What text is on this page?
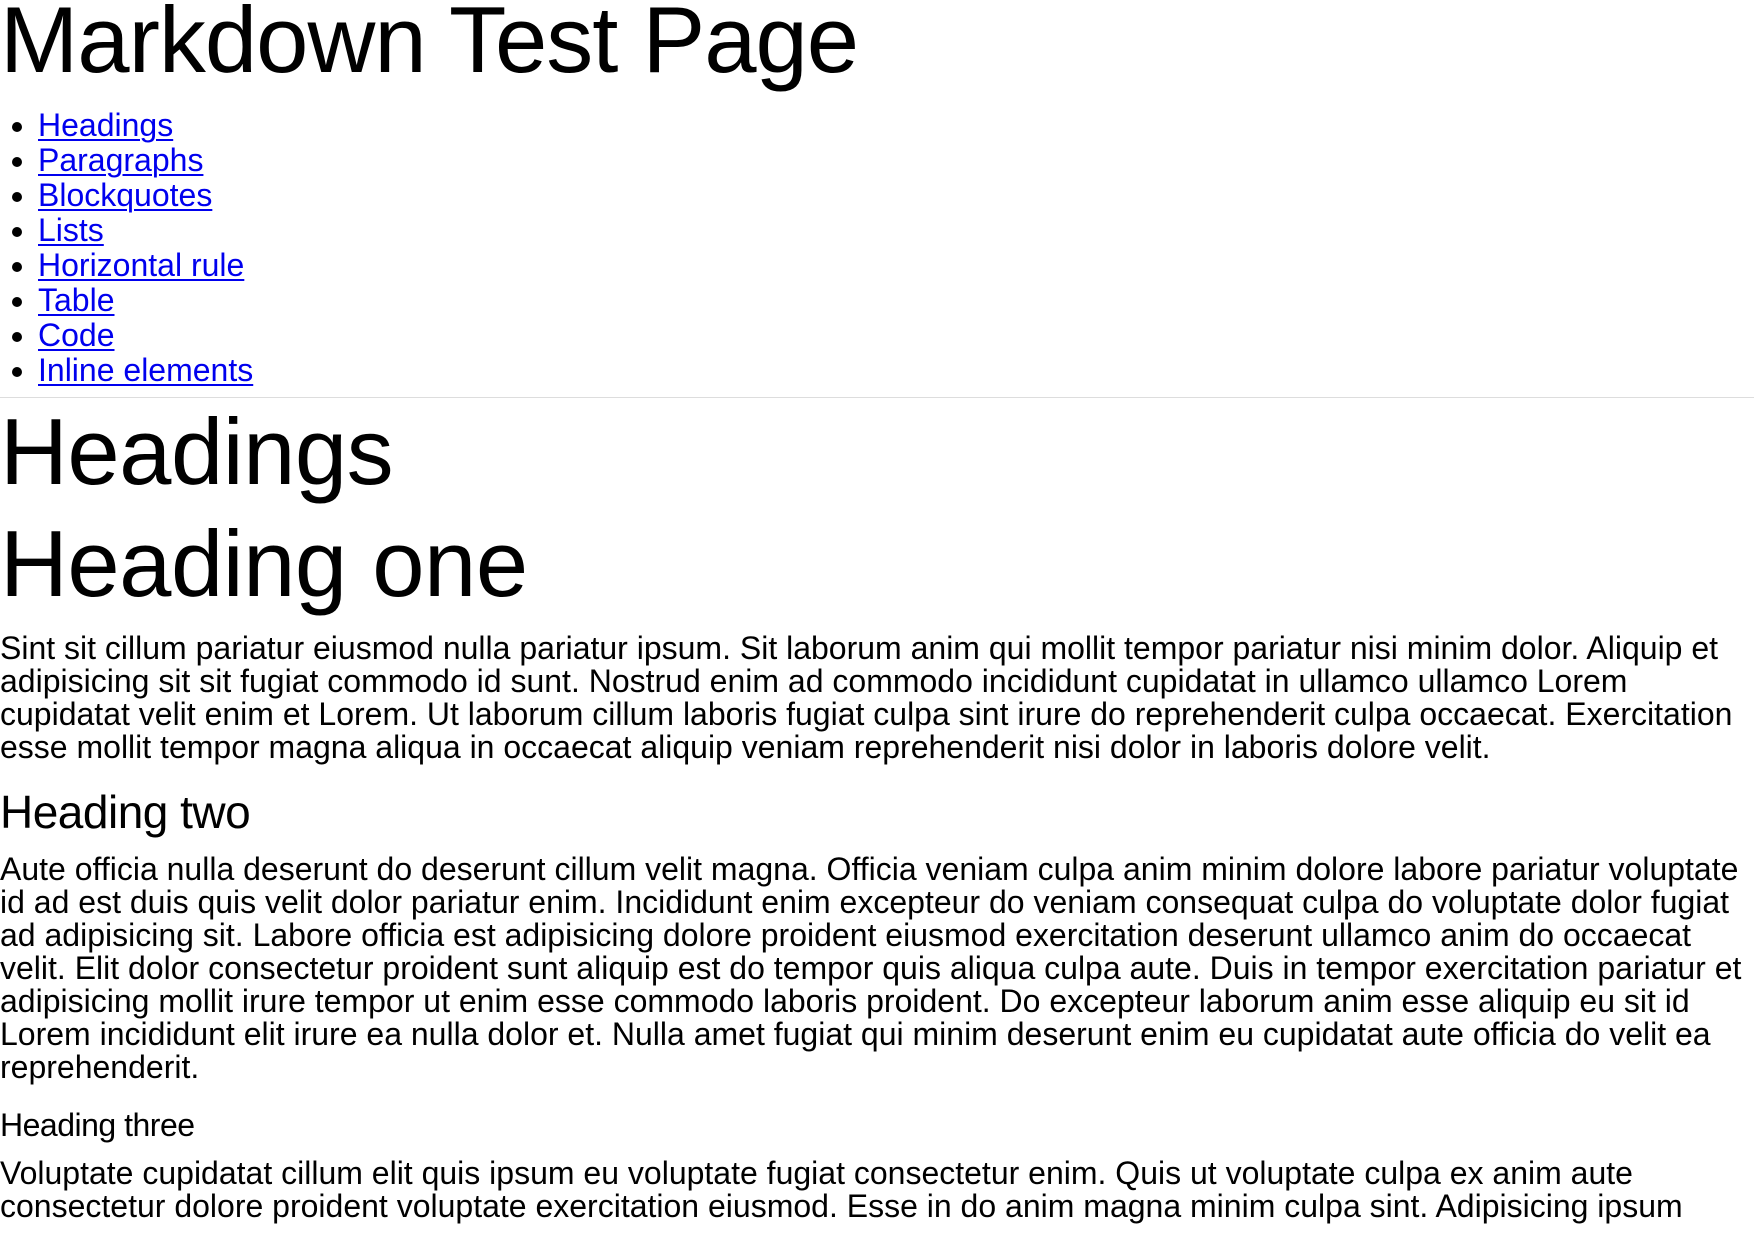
Markdown Test Page
• Headings
• Paragraphs
• Blockquotes
• Lists
• Horizontal rule
• Table
• Code
• Inline elements
Headings
Heading one

Sint sit cillum pariatur eiusmod nulla pariatur ipsum. Sit laborum anim qui mollit tempor pariatur nisi minim dolor. Aliquip et adipisicing sit sit fugiat commodo id sunt. Nostrud enim ad commodo incididunt cupidatat in ullamco ullamco Lorem cupidatat velit enim et Lorem. Ut laborum cillum laboris fugiat culpa sint irure do reprehenderit culpa occaecat. Exercitation esse mollit tempor magna aliqua in occaecat aliquip veniam reprehenderit nisi dolor in laboris dolore velit.

Heading two

Aute officia nulla deserunt do deserunt cillum velit magna. Officia veniam culpa anim minim dolore labore pariatur voluptate id ad est duis quis velit dolor pariatur enim. Incididunt enim excepteur do veniam consequat culpa do voluptate dolor fugiat ad adipisicing sit. Labore officia est adipisicing dolore proident eiusmod exercitation deserunt ullamco anim do occaecat velit. Elit dolor consectetur proident sunt aliquip est do tempor quis aliqua culpa aute. Duis in tempor exercitation pariatur et adipisicing mollit irure tempor ut enim esse commodo laboris proident. Do excepteur laborum anim esse aliquip eu sit id Lorem incididunt elit irure ea nulla dolor et. Nulla amet fugiat qui minim deserunt enim eu cupidatat aute officia do velit ea reprehenderit.

Heading three

Voluptate cupidatat cillum elit quis ipsum eu voluptate fugiat consectetur enim. Quis ut voluptate culpa ex anim aute consectetur dolore proident voluptate exercitation eiusmod. Esse in do anim magna minim culpa sint. Adipisicing ipsum
